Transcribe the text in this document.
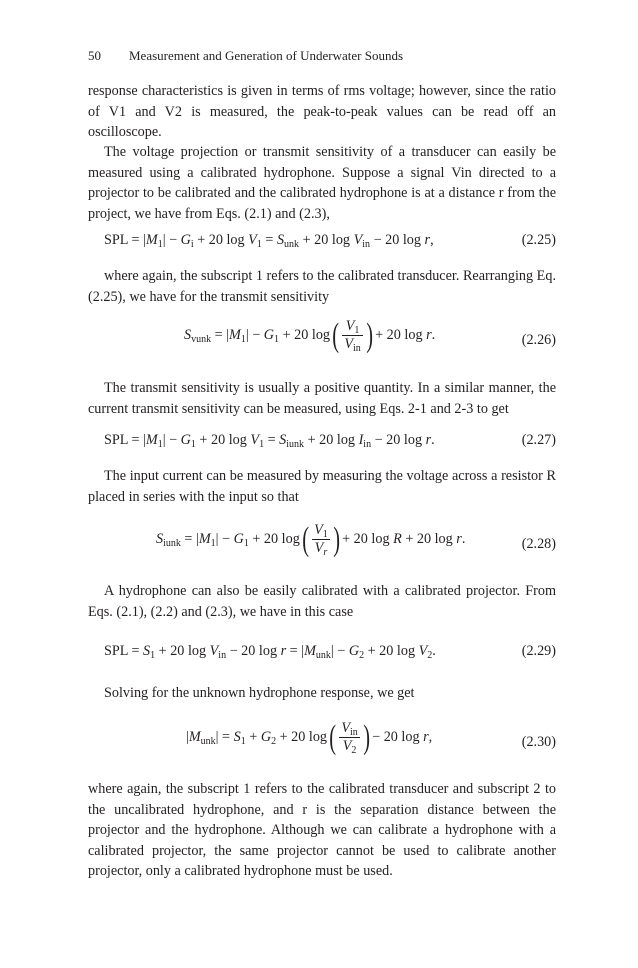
50 Measurement and Generation of Underwater Sounds

response characteristics is given in terms of rms voltage; however, since the ratio of V1 and V2 is measured, the peak-to-peak values can be read off an oscilloscope.

The voltage projection or transmit sensitivity of a transducer can easily be measured using a calibrated hydrophone. Suppose a signal Vin directed to a projector to be calibrated and the calibrated hydrophone is at a distance r from the project, we have from Eqs. (2.1) and (2.3),

SPL = $|M_1| - G_i + 20$ $\log V_1 = S_{unk} + 20$ $\log V_{in} - 20$ log r,	(2.25)

where again, the subscript 1 refers to the calibrated transducer. Rearranging Eq. (2.25), we have for the transmit sensitivity

$S_{vunk} = |M_1| - G_1 + 20$ $\log( \frac{V_1}{V_{in}}$ )+ 20 log r.	(2.26)

The transmit sensitivity is usually a positive quantity. In a similar manner, the current transmit sensitivity can be measured, using Eqs. 2-1 and 2-3 to get

SPL = $|M_1| - G_1 + 20$ $\log V_1 = S_{iunk} + 20$ $\log I_{in} - 20$ log r.	(2.27)

The input current can be measured by measuring the voltage across a resistor R placed in series with the input so that

$S_{iunk} = |M_1| - G_1 + 20$ $\log( \frac{V_1}{V_r}$ )+ 20 log R + 20 log r.	(2.28)

A hydrophone can also be easily calibrated with a calibrated projector. From Eqs. (2.1), (2.2) and (2.3), we have in this case

SPL = $S_1 + 20$ $\log V_{in} - 20$ $\log r = |M_{unk}| - G_2 + 20$ $\log V_2$.	(2.29)

Solving for the unknown hydrophone response, we get

$|M_{unk}| = S_1 + G_2 + 20$ $\log( \frac{V_{in}}{V_2}$ )− 20 log r,	(2.30)

where again, the subscript 1 refers to the calibrated transducer and subscript 2 to the uncalibrated hydrophone, and r is the separation distance between the projector and the hydrophone. Although we can calibrate a hydrophone with a calibrated projector, the same projector cannot be used to calibrate another projector, only a calibrated hydrophone must be used.
